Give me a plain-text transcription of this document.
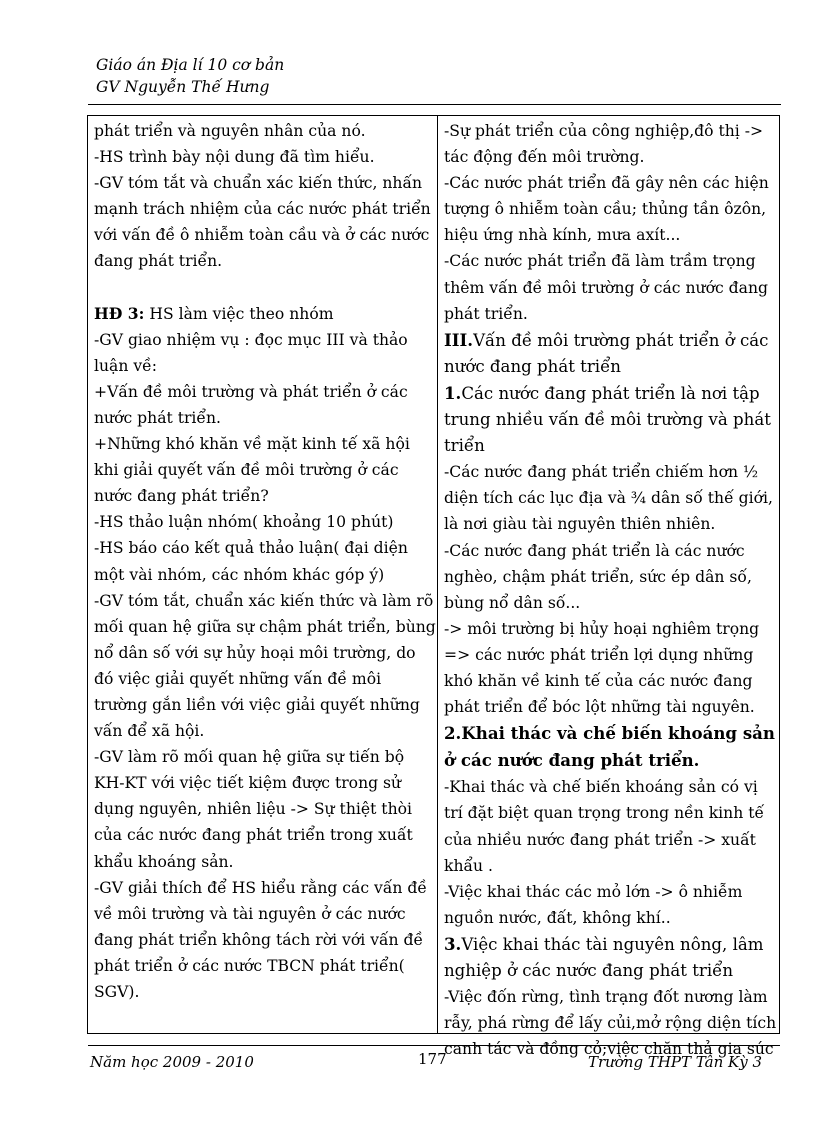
Giáo án Địa lí 10 cơ bản
GV Nguyễn Thế Hưng

phát triển và nguyên nhân của nó.

-HS trình bày nội dung đã tìm hiểu.

-GV tóm tắt và chuẩn xác kiến thức, nhấn mạnh trách nhiệm của các nước phát triển với vấn đề ô nhiễm toàn cầu và ở các nước đang phát triển.

HĐ 3: HS làm việc theo nhóm

-GV giao nhiệm vụ : đọc mục III và thảo luận về:

+Vấn đề môi trường và phát triển ở các nước phát triển.

+Những khó khăn về mặt kinh tế xã hội khi giải quyết vấn đề môi trường ở các nước đang phát triển?

-HS thảo luận nhóm( khoảng 10 phút)

-HS báo cáo kết quả thảo luận( đại diện một vài nhóm, các nhóm khác góp ý)

-GV tóm tắt, chuẩn xác kiến thức và làm rõ mối quan hệ giữa sự chậm phát triển, bùng nổ dân số với sự hủy hoại môi trường, do đó việc giải quyết những vấn đề môi trường gắn liền với việc giải quyết những vấn để xã hội.

-GV làm rõ mối quan hệ giữa sự tiến bộ KH-KT với việc tiết kiệm được trong sử dụng nguyên, nhiên liệu -> Sự thiệt thòi của các nước đang phát triển trong xuất khẩu khoáng sản.

-GV giải thích để HS hiểu rằng các vấn đề về môi trường và tài nguyên ở các nước đang phát triển không tách rời với vấn đề phát triển ở các nước TBCN phát triển( SGV).

-Sự phát triển của công nghiệp,đô thị -> tác động đến môi trường.

-Các nước phát triển đã gây nên các hiện tượng ô nhiễm toàn cầu; thủng tần ôzôn, hiệu ứng nhà kính, mưa axít...

-Các nước phát triển đã làm trầm trọng thêm vấn đề môi trường ở các nước đang phát triển.

III.Vấn đề môi trường phát triển ở các nước đang phát triển

1.Các nước đang phát triển là nơi tập trung nhiều vấn đề môi trường và phát triển

-Các nước đang phát triển chiếm hơn ½ diện tích các lục địa và ¾ dân số thế giới, là nơi giàu tài nguyên thiên nhiên.

-Các nước đang phát triển là các nước nghèo, chậm phát triển, sức ép dân số, bùng nổ dân số...

-> môi trường bị hủy hoại nghiêm trọng

=> các nước phát triển lợi dụng những khó khăn về kinh tế của các nước đang phát triển để bóc lột những tài nguyên.

2.Khai thác và chế biến khoáng sản ở các nước đang phát triển.

-Khai thác và chế biến khoáng sản có vị trí đặt biệt quan trọng trong nền kinh tế của nhiều nước đang phát triển -> xuất khẩu .

-Việc khai thác các mỏ lớn -> ô nhiễm nguồn nước, đất, không khí..

3.Việc khai thác tài nguyên nông, lâm nghiệp ở các nước đang phát triển

-Việc đốn rừng, tình trạng đốt nương làm rẫy, phá rừng để lấy củi,mở rộng diện tích canh tác và đồng cỏ;việc chăn thả gia súc

Năm học 2009 - 2010	177	Trường THPT Tân Kỳ 3
